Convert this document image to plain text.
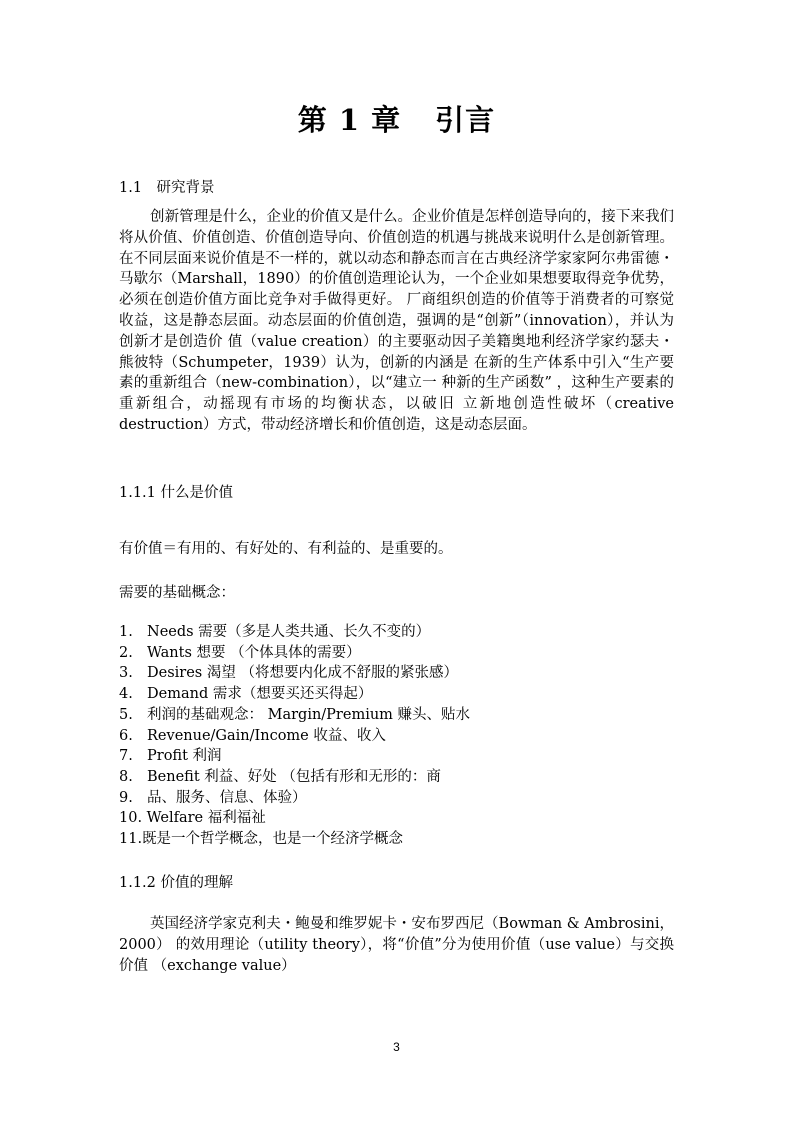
第 1 章 引言
1.1　研究背景
创新管理是什么，企业的价值又是什么。企业价值是怎样创造导向的，接下来我们将从价值、价值创造、价值创造导向、价值创造的机遇与挑战来说明什么是创新管理。在不同层面来说价值是不一样的，就以动态和静态而言在古典经济学家家阿尔弗雷德・马歇尔（Marshall，1890）的价值创造理论认为，一个企业如果想要取得竞争优势，必须在创造价值方面比竞争对手做得更好。 厂商组织创造的价值等于消费者的可察觉收益，这是静态层面。动态层面的价值创造，强调的是“创新”（innovation），并认为创新才是创造价 值（value creation）的主要驱动因子美籍奥地利经济学家约瑟夫・熊彼特（Schumpeter，1939）认为，创新的内涵是 在新的生产体系中引入“生产要素的重新组合（new-combination），以“建立一 种新的生产函数” ，这种生产要素的重新组合，动摇现有市场的均衡状态，以破旧 立新地创造性破坏（creative destruction）方式，带动经济增长和价值创造，这是动态层面。
1.1.1 什么是价值
有价值＝有用的、有好处的、有利益的、是重要的。
需要的基础概念：
1. Needs 需要（多是人类共通、长久不变的）
2. Wants 想要 （个体具体的需要）
3. Desires 渴望 （将想要内化成不舒服的紧张感）
4. Demand 需求（想要买还买得起）
5. 利润的基础观念： Margin/Premium 赚头、贴水
6. Revenue/Gain/Income 收益、收入
7. Profit 利润
8. Benefit 利益、好处 （包括有形和无形的：商
9. 品、服务、信息、体验）
10. Welfare 福利福祉
11.既是一个哲学概念，也是一个经济学概念
1.1.2 价值的理解
英国经济学家克利夫・鲍曼和维罗妮卡・安布罗西尼（Bowman & Ambrosini，2000） 的效用理论（utility theory），将“价值”分为使用价值（use value）与交换价值 （exchange value）
3
